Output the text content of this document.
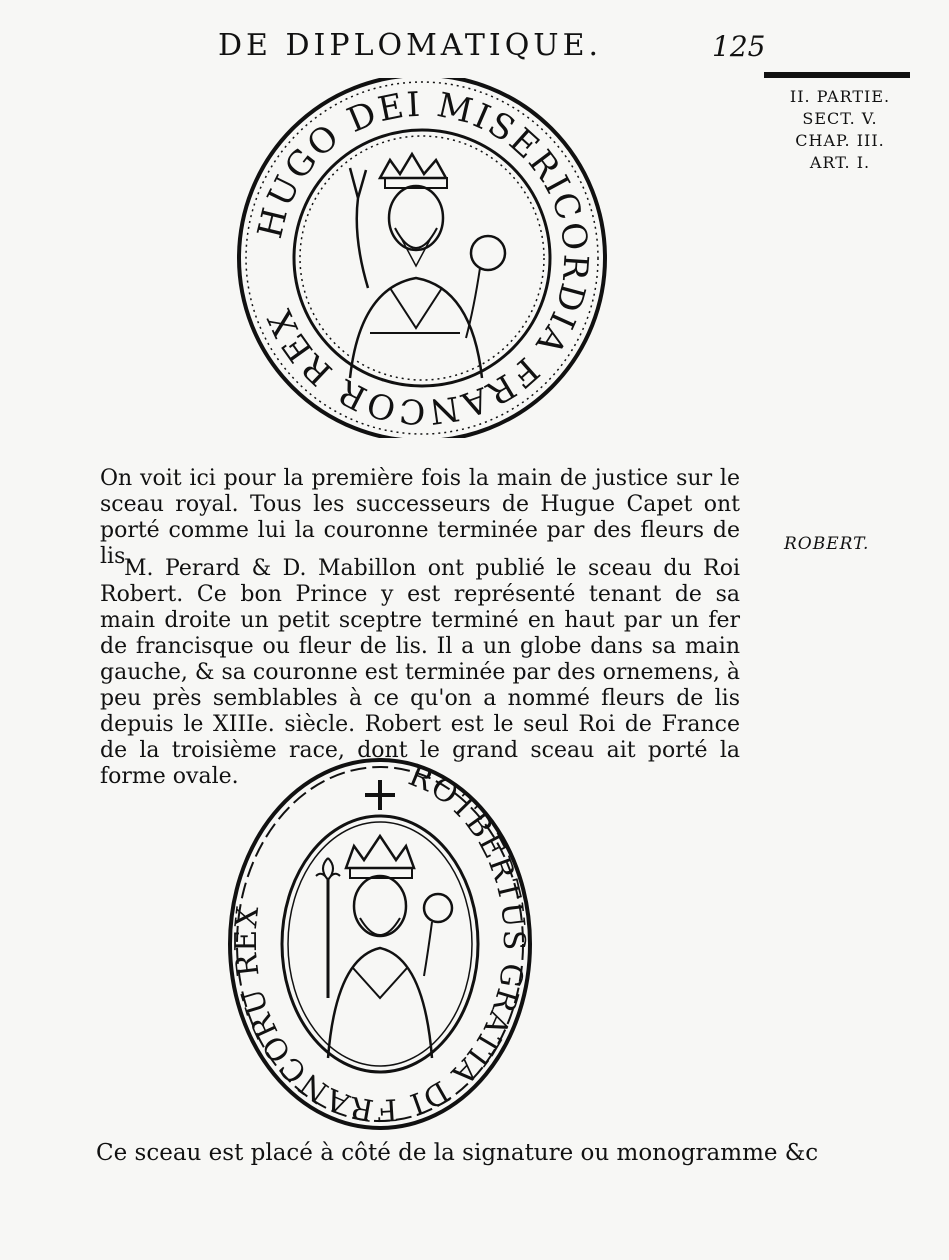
DE DIPLOMATIQUE.	125
II. PARTIE.
SECT. V.
CHAP. III.
ART. I.
HUGO DEI MISERICORDIA FRANCOR REX

On voit ici pour la première fois la main de justice sur le sceau royal. Tous les successeurs de Hugue Capet ont porté comme lui la couronne terminée par des fleurs de lis.	ROBERT.

M. Perard & D. Mabillon ont publié le sceau du Roi Robert. Ce bon Prince y est représenté tenant de sa main droite un petit sceptre terminé en haut par un fer de francisque ou fleur de lis. Il a un globe dans sa main gauche, & sa couronne est terminée par des ornemens, à peu près semblables à ce qu'on a nommé fleurs de lis depuis le XIIIe. siècle. Robert est le seul Roi de France de la troisième race, dont le grand sceau ait porté la forme ovale.	ROTBERTUS GRATIA DI FRANCORU REX
Ce sceau est placé à côté de la signature ou monogramme &c
